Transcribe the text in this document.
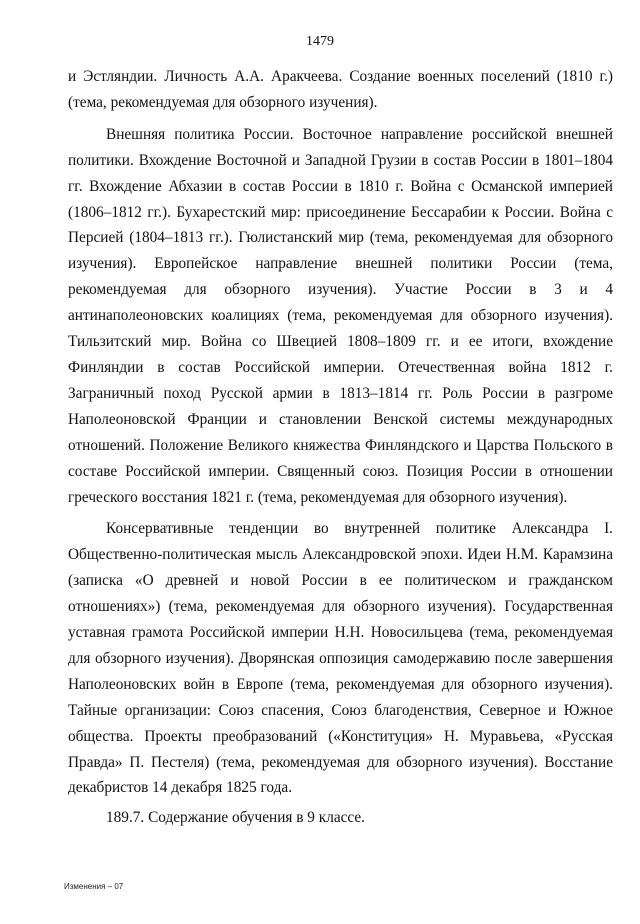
1479

и Эстляндии. Личность А.А. Аракчеева. Создание военных поселений (1810 г.) (тема, рекомендуемая для обзорного изучения).

Внешняя политика России. Восточное направление российской внешней политики. Вхождение Восточной и Западной Грузии в состав России в 1801–1804 гг. Вхождение Абхазии в состав России в 1810 г. Война с Османской империей (1806–1812 гг.). Бухарестский мир: присоединение Бессарабии к России. Война с Персией (1804–1813 гг.). Гюлистанский мир (тема, рекомендуемая для обзорного изучения). Европейское направление внешней политики России (тема, рекомендуемая для обзорного изучения). Участие России в 3 и 4 антинаполеоновских коалициях (тема, рекомендуемая для обзорного изучения). Тильзитский мир. Война со Швецией 1808–1809 гг. и ее итоги, вхождение Финляндии в состав Российской империи. Отечественная война 1812 г. Заграничный поход Русской армии в 1813–1814 гг. Роль России в разгроме Наполеоновской Франции и становлении Венской системы международных отношений. Положение Великого княжества Финляндского и Царства Польского в составе Российской империи. Священный союз. Позиция России в отношении греческого восстания 1821 г. (тема, рекомендуемая для обзорного изучения).

Консервативные тенденции во внутренней политике Александра I. Общественно-политическая мысль Александровской эпохи. Идеи Н.М. Карамзина (записка «О древней и новой России в ее политическом и гражданском отношениях») (тема, рекомендуемая для обзорного изучения). Государственная уставная грамота Российской империи Н.Н. Новосильцева (тема, рекомендуемая для обзорного изучения). Дворянская оппозиция самодержавию после завершения Наполеоновских войн в Европе (тема, рекомендуемая для обзорного изучения). Тайные организации: Союз спасения, Союз благоденствия, Северное и Южное общества. Проекты преобразований («Конституция» Н. Муравьева, «Русская Правда» П. Пестеля) (тема, рекомендуемая для обзорного изучения). Восстание декабристов 14 декабря 1825 года.

189.7. Содержание обучения в 9 классе.

Изменения – 07
